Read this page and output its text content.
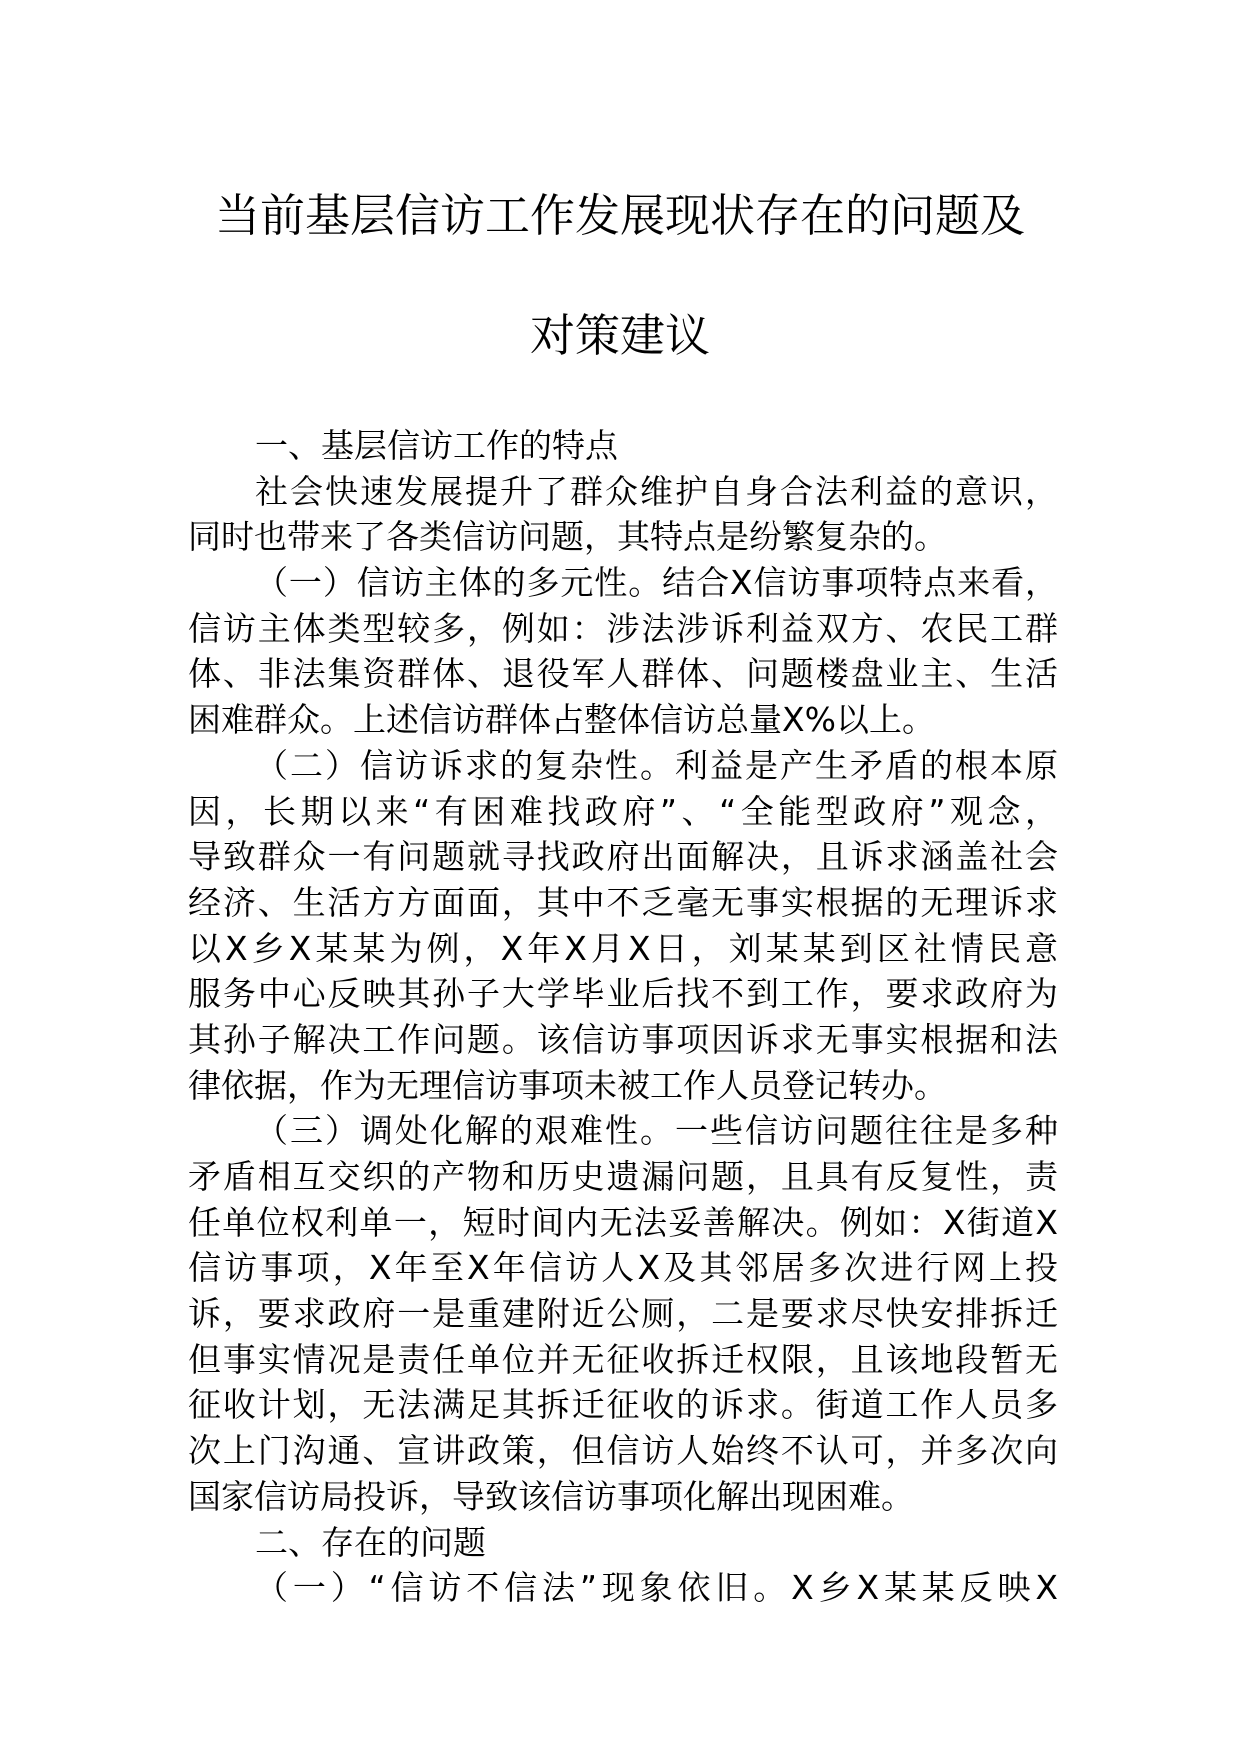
当前基层信访工作发展现状存在的问题及
对策建议
一、基层信访工作的特点
社会快速发展提升了群众维护自身合法利益的意识，
同时也带来了各类信访问题，其特点是纷繁复杂的。
（一）信访主体的多元性。结合X信访事项特点来看，
信访主体类型较多，例如：涉法涉诉利益双方、农民工群
体、非法集资群体、退役军人群体、问题楼盘业主、生活
困难群众。上述信访群体占整体信访总量X%以上。
（二）信访诉求的复杂性。利益是产生矛盾的根本原
因，长期以来“有困难找政府”、“全能型政府”观念，
导致群众一有问题就寻找政府出面解决，且诉求涵盖社会
经济、生活方方面面，其中不乏毫无事实根据的无理诉求
以X乡X某某为例，X年X月X日，刘某某到区社情民意
服务中心反映其孙子大学毕业后找不到工作，要求政府为
其孙子解决工作问题。该信访事项因诉求无事实根据和法
律依据，作为无理信访事项未被工作人员登记转办。
（三）调处化解的艰难性。一些信访问题往往是多种
矛盾相互交织的产物和历史遗漏问题，且具有反复性，责
任单位权利单一，短时间内无法妥善解决。例如：X街道X
信访事项，X年至X年信访人X及其邻居多次进行网上投
诉，要求政府一是重建附近公厕，二是要求尽快安排拆迁
但事实情况是责任单位并无征收拆迁权限，且该地段暂无
征收计划，无法满足其拆迁征收的诉求。街道工作人员多
次上门沟通、宣讲政策，但信访人始终不认可，并多次向
国家信访局投诉，导致该信访事项化解出现困难。
二、存在的问题
（一）“信访不信法”现象依旧。X乡X某某反映X
